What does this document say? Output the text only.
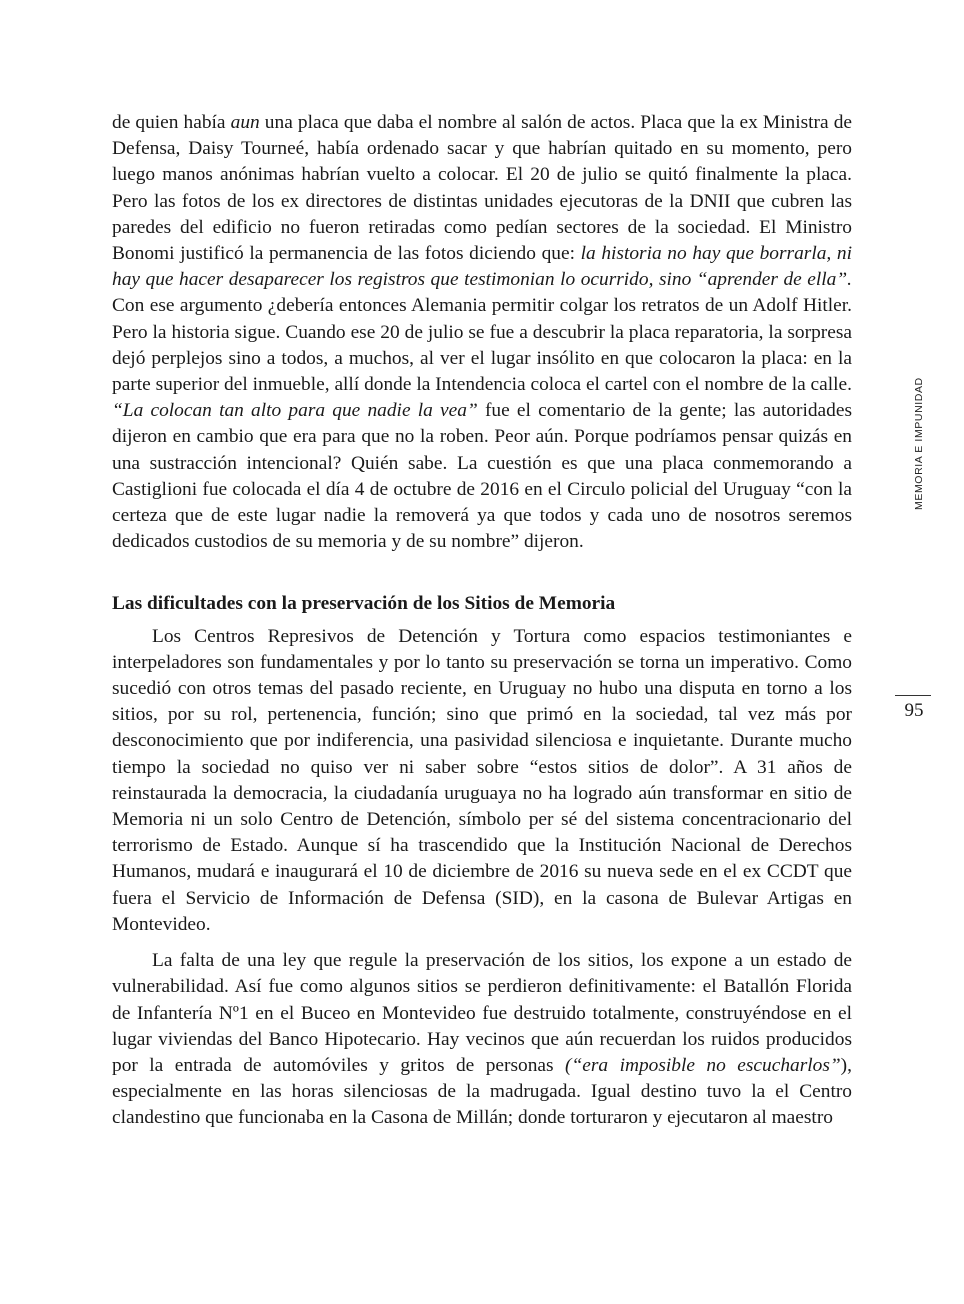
de quien había aun una placa que daba el nombre al salón de actos. Placa que la ex Ministra de Defensa, Daisy Tourneé, había ordenado sacar y que habrían quitado en su momento, pero luego manos anónimas habrían vuelto a colocar. El 20 de julio se quitó finalmente la placa. Pero las fotos de los ex directores de distintas unidades ejecutoras de la DNII que cubren las paredes del edificio no fueron retiradas como pedían sectores de la sociedad. El Ministro Bonomi justificó la permanencia de las fotos diciendo que: la historia no hay que borrarla, ni hay que hacer desaparecer los registros que testimonian lo ocurrido, sino “aprender de ella”. Con ese argumento ¿debería entonces Alemania permitir colgar los retratos de un Adolf Hitler. Pero la historia sigue. Cuando ese 20 de julio se fue a descubrir la placa reparatoria, la sorpresa dejó perplejos sino a todos, a muchos, al ver el lugar insólito en que colocaron la placa: en la parte superior del inmueble, allí donde la Intendencia coloca el cartel con el nombre de la calle. “La colocan tan alto para que nadie la vea” fue el comentario de la gente; las autoridades dijeron en cambio que era para que no la roben. Peor aún. Porque podríamos pensar quizás en una sustracción intencional? Quién sabe. La cuestión es que una placa conmemorando a Castiglioni fue colocada el día 4 de octubre de 2016 en el Circulo policial del Uruguay “con la certeza que de este lugar nadie la removerá ya que todos y cada uno de nosotros seremos dedicados custodios de su memoria y de su nombre” dijeron.

Las dificultades con la preservación de los Sitios de Memoria

Los Centros Represivos de Detención y Tortura como espacios testimoniantes e interpeladores son fundamentales y por lo tanto su preservación se torna un imperativo. Como sucedió con otros temas del pasado reciente, en Uruguay no hubo una disputa en torno a los sitios, por su rol, pertenencia, función; sino que primó en la sociedad, tal vez más por desconocimiento que por indiferencia, una pasividad silenciosa e inquietante. Durante mucho tiempo la sociedad no quiso ver ni saber sobre “estos sitios de dolor”. A 31 años de reinstaurada la democracia, la ciudadanía uruguaya no ha logrado aún transformar en sitio de Memoria ni un solo Centro de Detención, símbolo per sé del sistema concentracionario del terrorismo de Estado. Aunque sí ha trascendido que la Institución Nacional de Derechos Humanos, mudará e inaugurará el 10 de diciembre de 2016 su nueva sede en el ex CCDT que fuera el Servicio de Información de Defensa (SID), en la casona de Bulevar Artigas en Montevideo.

La falta de una ley que regule la preservación de los sitios, los expone a un estado de vulnerabilidad. Así fue como algunos sitios se perdieron definitivamente: el Batallón Florida de Infantería Nº1 en el Buceo en Montevideo fue destruido totalmente, construyéndose en el lugar viviendas del Banco Hipotecario. Hay vecinos que aún recuerdan los ruidos producidos por la entrada de automóviles y gritos de personas (“era imposible no escucharlos”), especialmente en las horas silenciosas de la madrugada. Igual destino tuvo la el Centro clandestino que funcionaba en la Casona de Millán; donde torturaron y ejecutaron al maestro

MEMORIA E IMPUNIDAD
95
